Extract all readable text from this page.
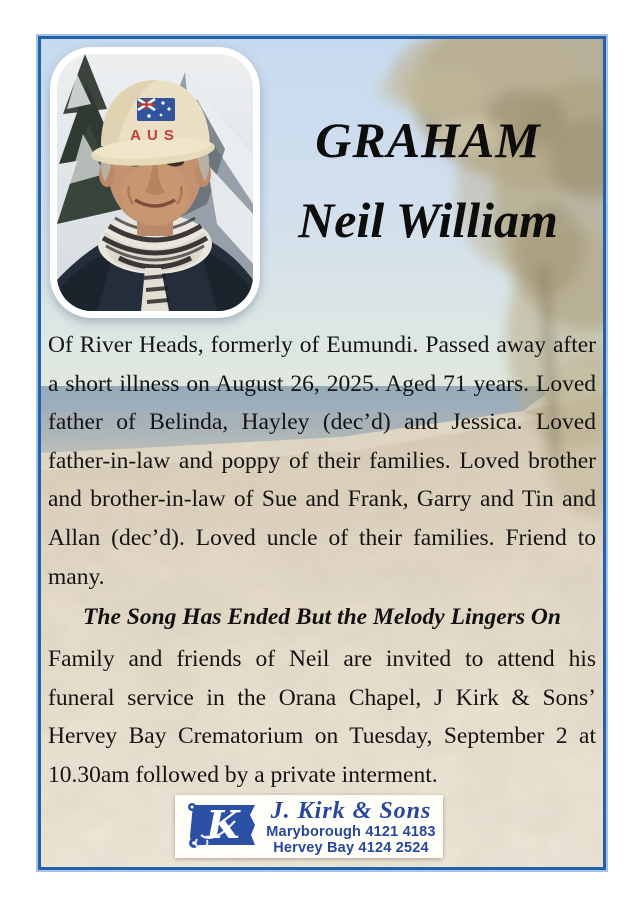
AUS	GRAHAM
Neil William
Of River Heads, formerly of Eumundi. Passed away after a short illness on August 26, 2025. Aged 71 years. Loved father of Belinda, Hayley (dec’d) and Jessica. Loved father-in-law and poppy of their families. Loved brother and brother-in-law of Sue and Frank, Garry and Tin and Allan (dec’d). Loved uncle of their families. Friend to many.
The Song Has Ended But the Melody Lingers On
Family and friends of Neil are invited to attend his funeral service in the Orana Chapel, J Kirk & Sons’ Hervey Bay Crematorium on Tuesday, September 2 at 10.30am followed by a private interment.
K J. Kirk & Sons
Maryborough 4121 4183
Hervey Bay 4124 2524
